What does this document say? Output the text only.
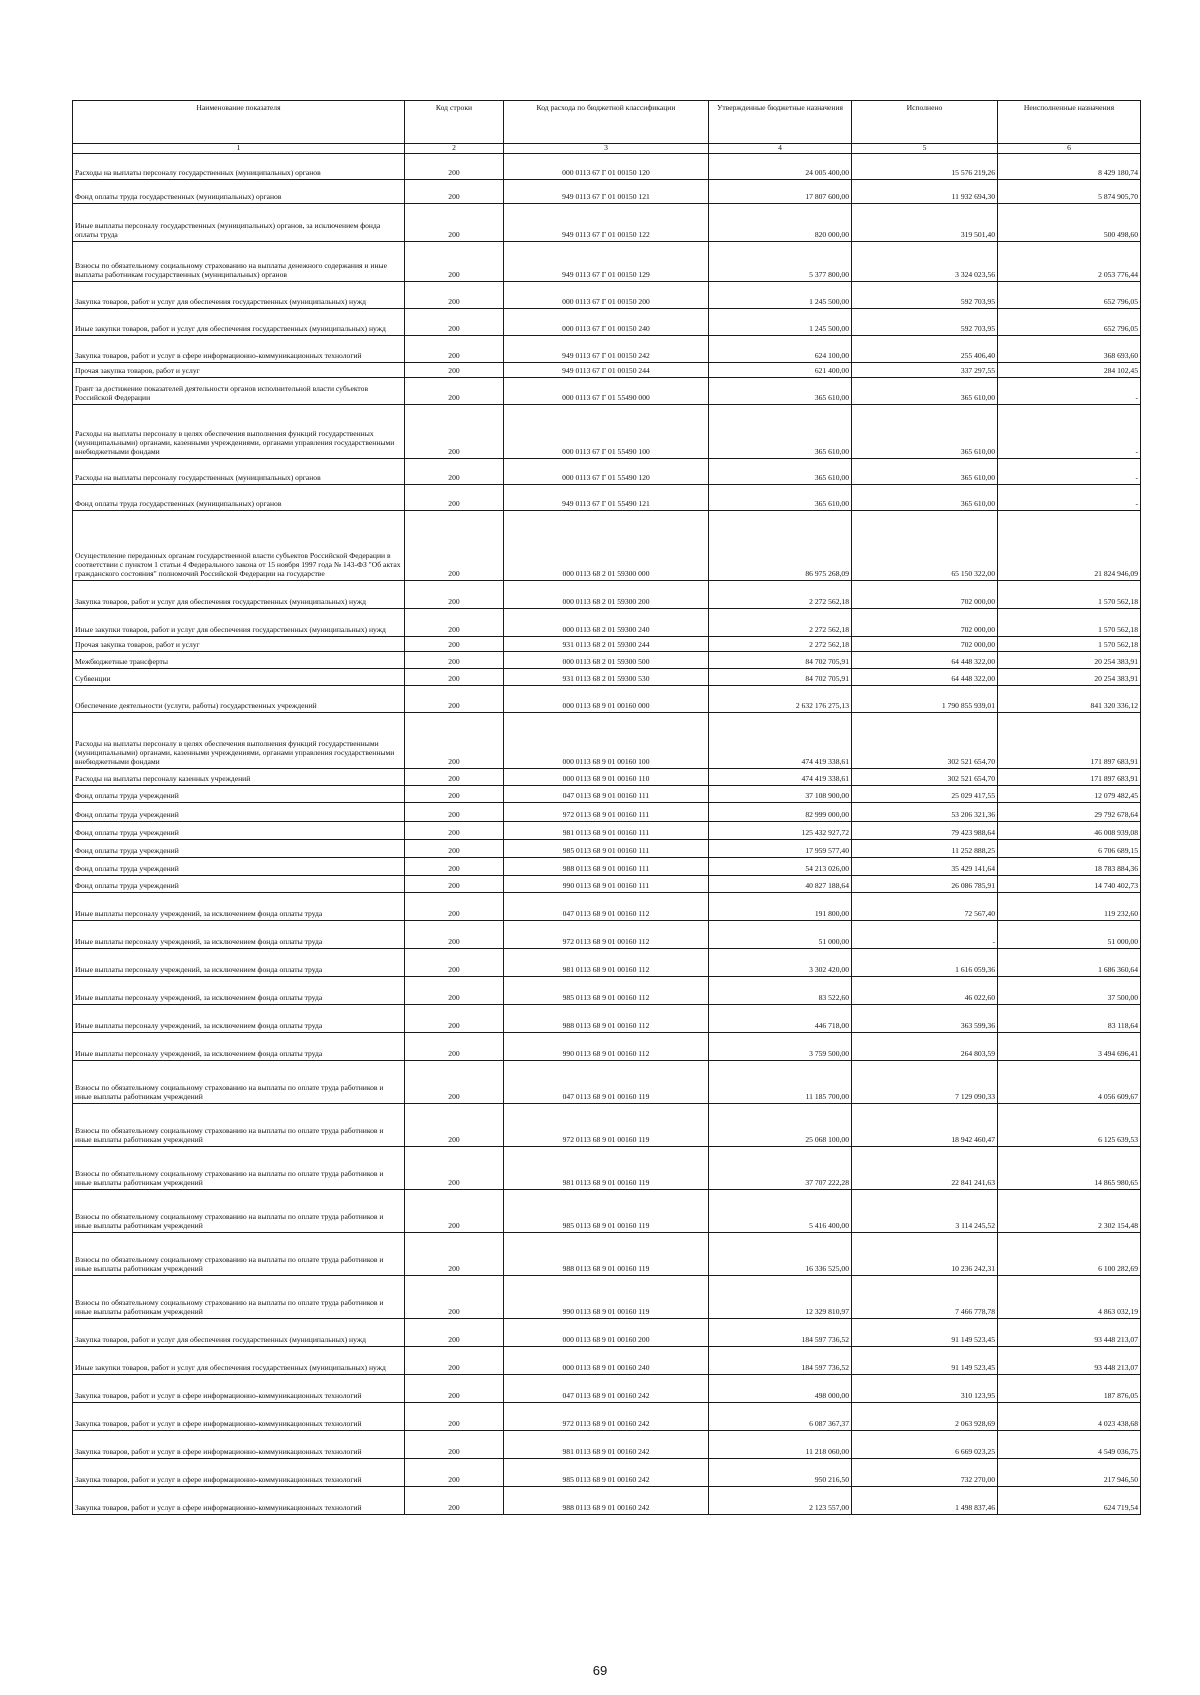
Наименование показателя	Код строки	Код расхода по бюджетной классификации	Утвержденные бюджетные назначения	Исполнено	Неисполненные назначения
1	2	3	4	5	6
Расходы на выплаты персоналу государственных (муниципальных) органов	200	000 0113 67 Г 01 00150 120	24 005 400,00	15 576 219,26	8 429 180,74
Фонд оплаты труда государственных (муниципальных) органов	200	949 0113 67 Г 01 00150 121	17 807 600,00	11 932 694,30	5 874 905,70
Иные выплаты персоналу государственных (муниципальных) органов, за исключением фонда оплаты труда	200	949 0113 67 Г 01 00150 122	820 000,00	319 501,40	500 498,60
Взносы по обязательному социальному страхованию на выплаты денежного содержания и иные выплаты работникам государственных (муниципальных) органов	200	949 0113 67 Г 01 00150 129	5 377 800,00	3 324 023,56	2 053 776,44
Закупка товаров, работ и услуг для обеспечения государственных (муниципальных) нужд	200	000 0113 67 Г 01 00150 200	1 245 500,00	592 703,95	652 796,05
Иные закупки товаров, работ и услуг для обеспечения государственных (муниципальных) нужд	200	000 0113 67 Г 01 00150 240	1 245 500,00	592 703,95	652 796,05
Закупка товаров, работ и услуг в сфере информационно-коммуникационных технологий	200	949 0113 67 Г 01 00150 242	624 100,00	255 406,40	368 693,60
Прочая закупка товаров, работ и услуг	200	949 0113 67 Г 01 00150 244	621 400,00	337 297,55	284 102,45
Грант за достижение показателей деятельности органов исполнительной власти субъектов Российской Федерации	200	000 0113 67 Г 01 55490 000	365 610,00	365 610,00	-
Расходы на выплаты персоналу в целях обеспечения выполнения функций государственных (муниципальными) органами, казенными учреждениями, органами управления государственными внебюджетными фондами	200	000 0113 67 Г 01 55490 100	365 610,00	365 610,00	-
Расходы на выплаты персоналу государственных (муниципальных) органов	200	000 0113 67 Г 01 55490 120	365 610,00	365 610,00	-
Фонд оплаты труда государственных (муниципальных) органов	200	949 0113 67 Г 01 55490 121	365 610,00	365 610,00	-
Осуществление переданных органам государственной власти субъектов Российской Федерации в соответствии с пунктом 1 статьи 4 Федерального закона от 15 ноября 1997 года № 143-ФЗ "Об актах гражданского состояния" полномочий Российской Федерации на государстве	200	000 0113 68 2 01 59300 000	86 975 268,09	65 150 322,00	21 824 946,09
Закупка товаров, работ и услуг для обеспечения государственных (муниципальных) нужд	200	000 0113 68 2 01 59300 200	2 272 562,18	702 000,00	1 570 562,18
Иные закупки товаров, работ и услуг для обеспечения государственных (муниципальных) нужд	200	000 0113 68 2 01 59300 240	2 272 562,18	702 000,00	1 570 562,18
Прочая закупка товаров, работ и услуг	200	931 0113 68 2 01 59300 244	2 272 562,18	702 000,00	1 570 562,18
Межбюджетные трансферты	200	000 0113 68 2 01 59300 500	84 702 705,91	64 448 322,00	20 254 383,91
Субвенции	200	931 0113 68 2 01 59300 530	84 702 705,91	64 448 322,00	20 254 383,91
Обеспечение деятельности (услуги, работы) государственных учреждений	200	000 0113 68 9 01 00160 000	2 632 176 275,13	1 790 855 939,01	841 320 336,12
Расходы на выплаты персоналу в целях обеспечения выполнения функций государственными (муниципальными) органами, казенными учреждениями, органами управления государственными внебюджетными фондами	200	000 0113 68 9 01 00160 100	474 419 338,61	302 521 654,70	171 897 683,91
Расходы на выплаты персоналу казенных учреждений	200	000 0113 68 9 01 00160 110	474 419 338,61	302 521 654,70	171 897 683,91
Фонд оплаты труда учреждений	200	047 0113 68 9 01 00160 111	37 108 900,00	25 029 417,55	12 079 482,45
Фонд оплаты труда учреждений	200	972 0113 68 9 01 00160 111	82 999 000,00	53 206 321,36	29 792 678,64
Фонд оплаты труда учреждений	200	981 0113 68 9 01 00160 111	125 432 927,72	79 423 988,64	46 008 939,08
Фонд оплаты труда учреждений	200	985 0113 68 9 01 00160 111	17 959 577,40	11 252 888,25	6 706 689,15
Фонд оплаты труда учреждений	200	988 0113 68 9 01 00160 111	54 213 026,00	35 429 141,64	18 783 884,36
Фонд оплаты труда учреждений	200	990 0113 68 9 01 00160 111	40 827 188,64	26 086 785,91	14 740 402,73
Иные выплаты персоналу учреждений, за исключением фонда оплаты труда	200	047 0113 68 9 01 00160 112	191 800,00	72 567,40	119 232,60
Иные выплаты персоналу учреждений, за исключением фонда оплаты труда	200	972 0113 68 9 01 00160 112	51 000,00	-	51 000,00
Иные выплаты персоналу учреждений, за исключением фонда оплаты труда	200	981 0113 68 9 01 00160 112	3 302 420,00	1 616 059,36	1 686 360,64
Иные выплаты персоналу учреждений, за исключением фонда оплаты труда	200	985 0113 68 9 01 00160 112	83 522,60	46 022,60	37 500,00
Иные выплаты персоналу учреждений, за исключением фонда оплаты труда	200	988 0113 68 9 01 00160 112	446 718,00	363 599,36	83 118,64
Иные выплаты персоналу учреждений, за исключением фонда оплаты труда	200	990 0113 68 9 01 00160 112	3 759 500,00	264 803,59	3 494 696,41
Взносы по обязательному социальному страхованию на выплаты по оплате труда работников и иные выплаты работникам учреждений	200	047 0113 68 9 01 00160 119	11 185 700,00	7 129 090,33	4 056 609,67
Взносы по обязательному социальному страхованию на выплаты по оплате труда работников и иные выплаты работникам учреждений	200	972 0113 68 9 01 00160 119	25 068 100,00	18 942 460,47	6 125 639,53
Взносы по обязательному социальному страхованию на выплаты по оплате труда работников и иные выплаты работникам учреждений	200	981 0113 68 9 01 00160 119	37 707 222,28	22 841 241,63	14 865 980,65
Взносы по обязательному социальному страхованию на выплаты по оплате труда работников и иные выплаты работникам учреждений	200	985 0113 68 9 01 00160 119	5 416 400,00	3 114 245,52	2 302 154,48
Взносы по обязательному социальному страхованию на выплаты по оплате труда работников и иные выплаты работникам учреждений	200	988 0113 68 9 01 00160 119	16 336 525,00	10 236 242,31	6 100 282,69
Взносы по обязательному социальному страхованию на выплаты по оплате труда работников и иные выплаты работникам учреждений	200	990 0113 68 9 01 00160 119	12 329 810,97	7 466 778,78	4 863 032,19
Закупка товаров, работ и услуг для обеспечения государственных (муниципальных) нужд	200	000 0113 68 9 01 00160 200	184 597 736,52	91 149 523,45	93 448 213,07
Иные закупки товаров, работ и услуг для обеспечения государственных (муниципальных) нужд	200	000 0113 68 9 01 00160 240	184 597 736,52	91 149 523,45	93 448 213,07
Закупка товаров, работ и услуг в сфере информационно-коммуникационных технологий	200	047 0113 68 9 01 00160 242	498 000,00	310 123,95	187 876,05
Закупка товаров, работ и услуг в сфере информационно-коммуникационных технологий	200	972 0113 68 9 01 00160 242	6 087 367,37	2 063 928,69	4 023 438,68
Закупка товаров, работ и услуг в сфере информационно-коммуникационных технологий	200	981 0113 68 9 01 00160 242	11 218 060,00	6 669 023,25	4 549 036,75
Закупка товаров, работ и услуг в сфере информационно-коммуникационных технологий	200	985 0113 68 9 01 00160 242	950 216,50	732 270,00	217 946,50
Закупка товаров, работ и услуг в сфере информационно-коммуникационных технологий	200	988 0113 68 9 01 00160 242	2 123 557,00	1 498 837,46	624 719,54
69
